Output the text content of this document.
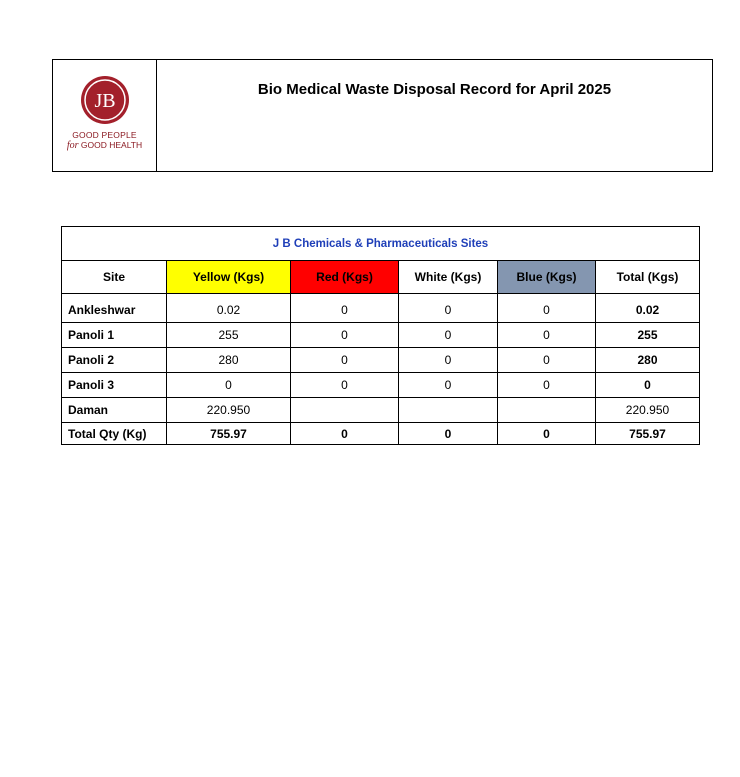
JB
GOOD PEOPLE
for GOOD HEALTH
Bio Medical Waste Disposal Record for April 2025
J B Chemicals & Pharmaceuticals Sites					
Site	Yellow (Kgs)	Red (Kgs)	White (Kgs)	Blue (Kgs)	Total (Kgs)
Ankleshwar	0.02	0	0	0	0.02
Panoli 1	255	0	0	0	255
Panoli 2	280	0	0	0	280
Panoli 3	0	0	0	0	0
Daman	220.950				220.950
Total Qty (Kg)	755.97	0	0	0	755.97
